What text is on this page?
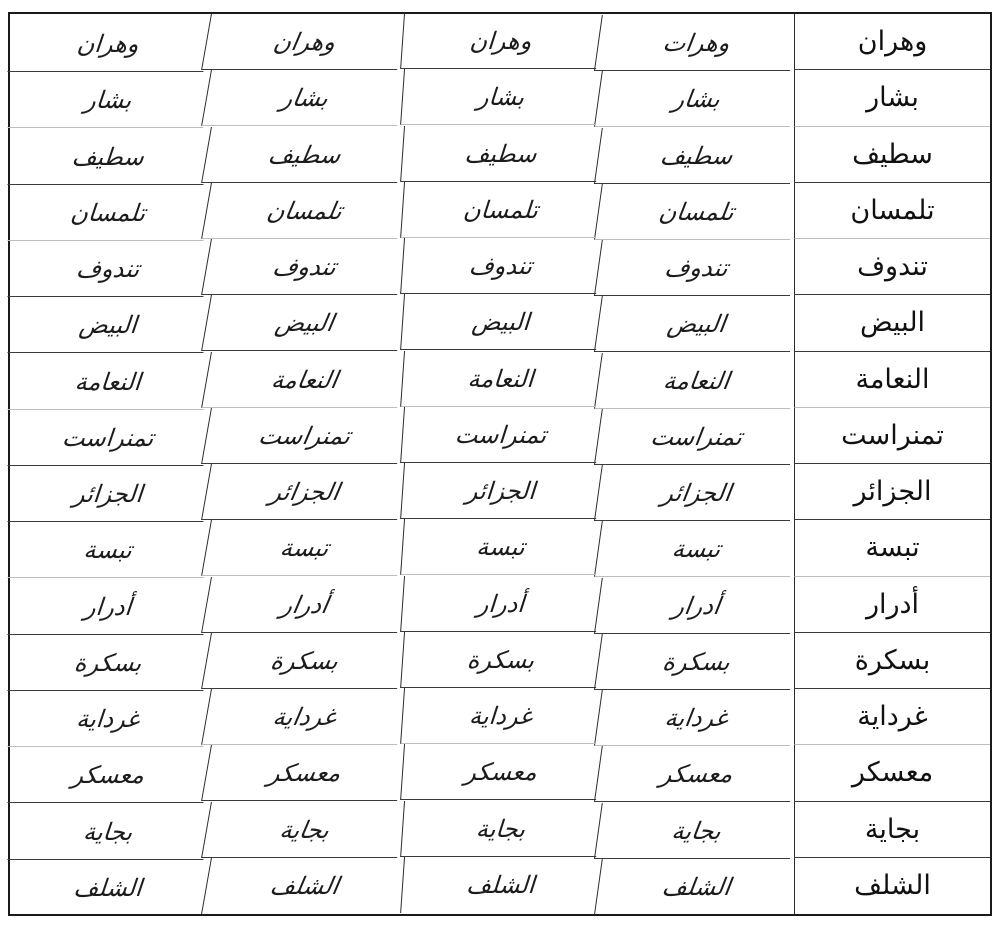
وهران
وهرات
وهران
وهران
وهران
بشار
بشار
بشار
بشار
بشار
سطيف
سطيف
سطيف
سطيف
سطيف
تلمسان
تلمسان
تلمسان
تلمسان
تلمسان
تندوف
تندوف
تندوف
تندوف
تندوف
البيض
البيض
البيض
البيض
البيض
النعامة
النعامة
النعامة
النعامة
النعامة
تمنراست
تمنراست
تمنراست
تمنراست
تمنراست
الجزائر
الجزائر
الجزائر
الجزائر
الجزائر
تبسة
تبسة
تبسة
تبسة
تبسة
أدرار
أدرار
أدرار
أدرار
أدرار
بسكرة
بسكرة
بسكرة
بسكرة
بسكرة
غرداية
غرداية
غرداية
غرداية
غرداية
معسكر
معسكر
معسكر
معسكر
معسكر
بجاية
بجاية
بجاية
بجاية
بجاية
الشلف
الشلف
الشلف
الشلف
الشلف
